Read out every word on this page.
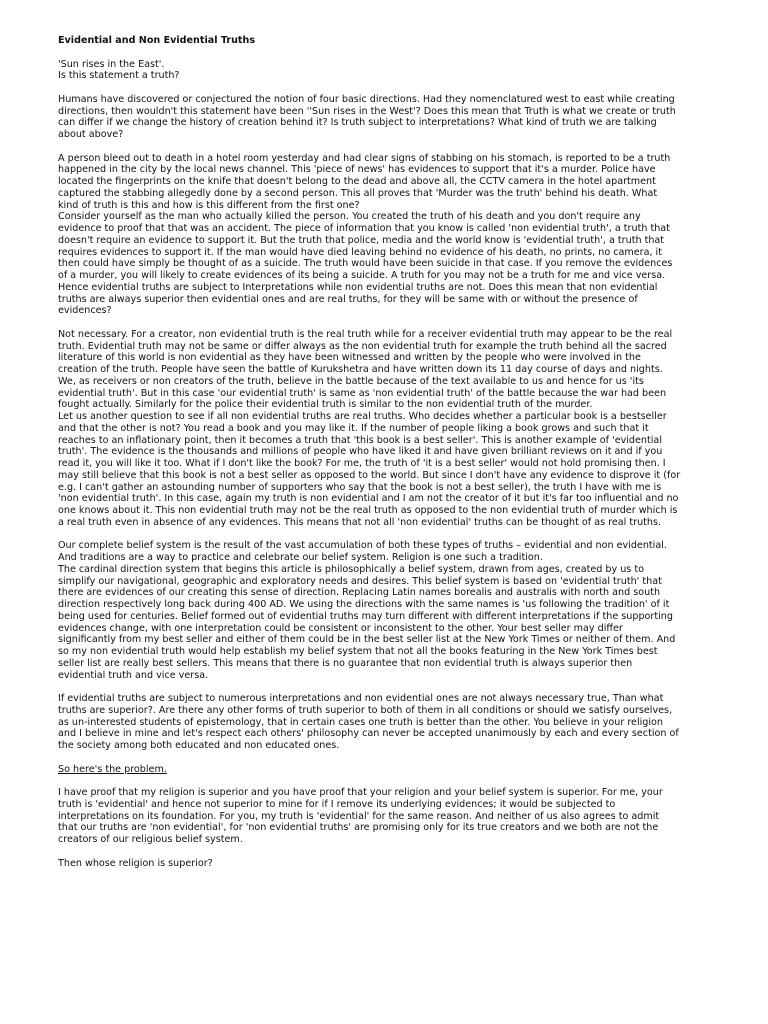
Evidential and Non Evidential Truths
'Sun rises in the East'.
Is this statement a truth?
Humans have discovered or conjectured the notion of four basic directions. Had they nomenclatured west to east while creating
directions, then wouldn't this statement have been ''Sun rises in the West'? Does this mean that Truth is what we create or truth
can differ if we change the history of creation behind it? Is truth subject to interpretations? What kind of truth we are talking
about above?
A person bleed out to death in a hotel room yesterday and had clear signs of stabbing on his stomach, is reported to be a truth
happened in the city by the local news channel. This 'piece of news' has evidences to support that it's a murder. Police have
located the fingerprints on the knife that doesn't belong to the dead and above all, the CCTV camera in the hotel apartment
captured the stabbing allegedly done by a second person. This all proves that 'Murder was the truth' behind his death. What
kind of truth is this and how is this different from the first one?
Consider yourself as the man who actually killed the person. You created the truth of his death and you don't require any
evidence to proof that that was an accident. The piece of information that you know is called 'non evidential truth', a truth that
doesn't require an evidence to support it. But the truth that police, media and the world know is 'evidential truth', a truth that
requires evidences to support it. If the man would have died leaving behind no evidence of his death, no prints, no camera, it
then could have simply be thought of as a suicide. The truth would have been suicide in that case. If you remove the evidences
of a murder, you will likely to create evidences of its being a suicide. A truth for you may not be a truth for me and vice versa.
Hence evidential truths are subject to Interpretations while non evidential truths are not. Does this mean that non evidential
truths are always superior then evidential ones and are real truths, for they will be same with or without the presence of
evidences?
Not necessary. For a creator, non evidential truth is the real truth while for a receiver evidential truth may appear to be the real
truth. Evidential truth may not be same or differ always as the non evidential truth for example the truth behind all the sacred
literature of this world is non evidential as they have been witnessed and written by the people who were involved in the
creation of the truth. People have seen the battle of Kurukshetra and have written down its 11 day course of days and nights.
We, as receivers or non creators of the truth, believe in the battle because of the text available to us and hence for us 'its
evidential truth'. But in this case 'our evidential truth' is same as 'non evidential truth' of the battle because the war had been
fought actually. Similarly for the police their evidential truth is similar to the non evidential truth of the murder.
Let us another question to see if all non evidential truths are real truths. Who decides whether a particular book is a bestseller
and that the other is not? You read a book and you may like it. If the number of people liking a book grows and such that it
reaches to an inflationary point, then it becomes a truth that 'this book is a best seller'. This is another example of 'evidential
truth'. The evidence is the thousands and millions of people who have liked it and have given brilliant reviews on it and if you
read it, you will like it too. What if I don't like the book? For me, the truth of 'it is a best seller' would not hold promising then. I
may still believe that this book is not a best seller as opposed to the world. But since I don't have any evidence to disprove it (for
e.g. I can't gather an astounding number of supporters who say that the book is not a best seller), the truth I have with me is
'non evidential truth'. In this case, again my truth is non evidential and I am not the creator of it but it's far too influential and no
one knows about it. This non evidential truth may not be the real truth as opposed to the non evidential truth of murder which is
a real truth even in absence of any evidences. This means that not all 'non evidential' truths can be thought of as real truths.
Our complete belief system is the result of the vast accumulation of both these types of truths – evidential and non evidential.
And traditions are a way to practice and celebrate our belief system. Religion is one such a tradition.
The cardinal direction system that begins this article is philosophically a belief system, drawn from ages, created by us to
simplify our navigational, geographic and exploratory needs and desires. This belief system is based on 'evidential truth' that
there are evidences of our creating this sense of direction. Replacing Latin names borealis and australis with north and south
direction respectively long back during 400 AD. We using the directions with the same names is 'us following the tradition' of it
being used for centuries. Belief formed out of evidential truths may turn different with different interpretations if the supporting
evidences change, with one interpretation could be consistent or inconsistent to the other. Your best seller may differ
significantly from my best seller and either of them could be in the best seller list at the New York Times or neither of them. And
so my non evidential truth would help establish my belief system that not all the books featuring in the New York Times best
seller list are really best sellers. This means that there is no guarantee that non evidential truth is always superior then
evidential truth and vice versa.
If evidential truths are subject to numerous interpretations and non evidential ones are not always necessary true, Than what
truths are superior?. Are there any other forms of truth superior to both of them in all conditions or should we satisfy ourselves,
as un-interested students of epistemology, that in certain cases one truth is better than the other. You believe in your religion
and I believe in mine and let's respect each others' philosophy can never be accepted unanimously by each and every section of
the society among both educated and non educated ones.
So here's the problem.
I have proof that my religion is superior and you have proof that your religion and your belief system is superior. For me, your
truth is 'evidential' and hence not superior to mine for if I remove its underlying evidences; it would be subjected to
interpretations on its foundation. For you, my truth is 'evidential' for the same reason. And neither of us also agrees to admit
that our truths are 'non evidential', for 'non evidential truths' are promising only for its true creators and we both are not the
creators of our religious belief system.
Then whose religion is superior?
